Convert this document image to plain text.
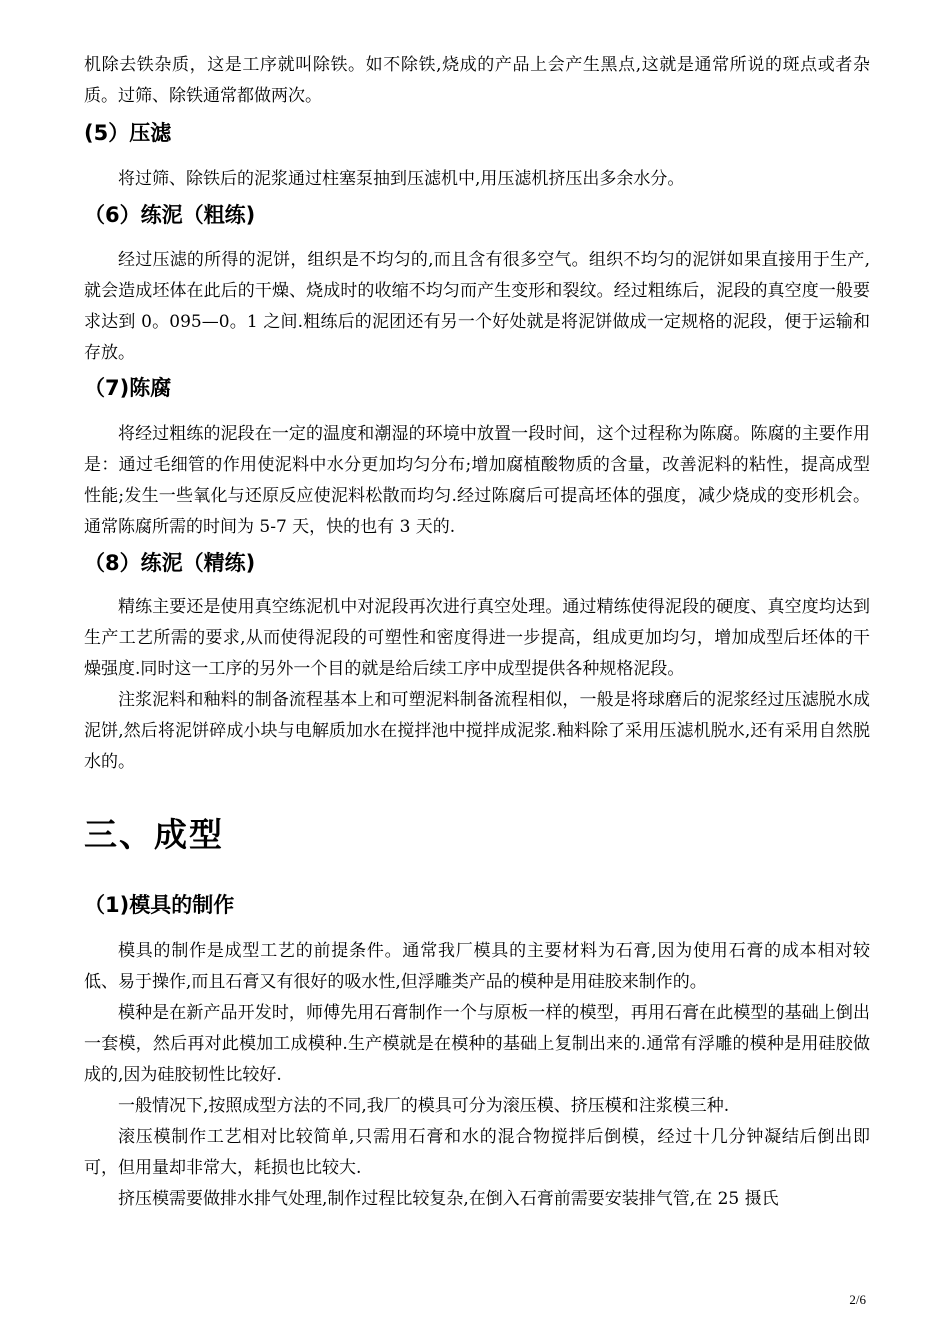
机除去铁杂质，这是工序就叫除铁。如不除铁,烧成的产品上会产生黑点,这就是通常所说的斑点或者杂质。过筛、除铁通常都做两次。

(5）压滤

将过筛、除铁后的泥浆通过柱塞泵抽到压滤机中,用压滤机挤压出多余水分。

（6）练泥（粗练)

经过压滤的所得的泥饼，组织是不均匀的,而且含有很多空气。组织不均匀的泥饼如果直接用于生产,就会造成坯体在此后的干燥、烧成时的收缩不均匀而产生变形和裂纹。经过粗练后，泥段的真空度一般要求达到 0。095—0。1 之间.粗练后的泥团还有另一个好处就是将泥饼做成一定规格的泥段，便于运输和存放。

（7)陈腐

将经过粗练的泥段在一定的温度和潮湿的环境中放置一段时间，这个过程称为陈腐。陈腐的主要作用是：通过毛细管的作用使泥料中水分更加均匀分布;增加腐植酸物质的含量，改善泥料的粘性，提高成型性能;发生一些氧化与还原反应使泥料松散而均匀.经过陈腐后可提高坯体的强度，减少烧成的变形机会。通常陈腐所需的时间为 5-7 天，快的也有 3 天的.

（8）练泥（精练)

精练主要还是使用真空练泥机中对泥段再次进行真空处理。通过精练使得泥段的硬度、真空度均达到生产工艺所需的要求,从而使得泥段的可塑性和密度得进一步提高，组成更加均匀，增加成型后坯体的干燥强度.同时这一工序的另外一个目的就是给后续工序中成型提供各种规格泥段。

注浆泥料和釉料的制备流程基本上和可塑泥料制备流程相似，一般是将球磨后的泥浆经过压滤脱水成泥饼,然后将泥饼碎成小块与电解质加水在搅拌池中搅拌成泥浆.釉料除了采用压滤机脱水,还有采用自然脱水的。

三、成型
（1)模具的制作

模具的制作是成型工艺的前提条件。通常我厂模具的主要材料为石膏,因为使用石膏的成本相对较低、易于操作,而且石膏又有很好的吸水性,但浮雕类产品的模种是用硅胶来制作的。

模种是在新产品开发时，师傅先用石膏制作一个与原板一样的模型，再用石膏在此模型的基础上倒出一套模，然后再对此模加工成模种.生产模就是在模种的基础上复制出来的.通常有浮雕的模种是用硅胶做成的,因为硅胶韧性比较好.

一般情况下,按照成型方法的不同,我厂的模具可分为滚压模、挤压模和注浆模三种.

滚压模制作工艺相对比较简单,只需用石膏和水的混合物搅拌后倒模，经过十几分钟凝结后倒出即可，但用量却非常大，耗损也比较大.

挤压模需要做排水排气处理,制作过程比较复杂,在倒入石膏前需要安装排气管,在 25 摄氏

2/6
